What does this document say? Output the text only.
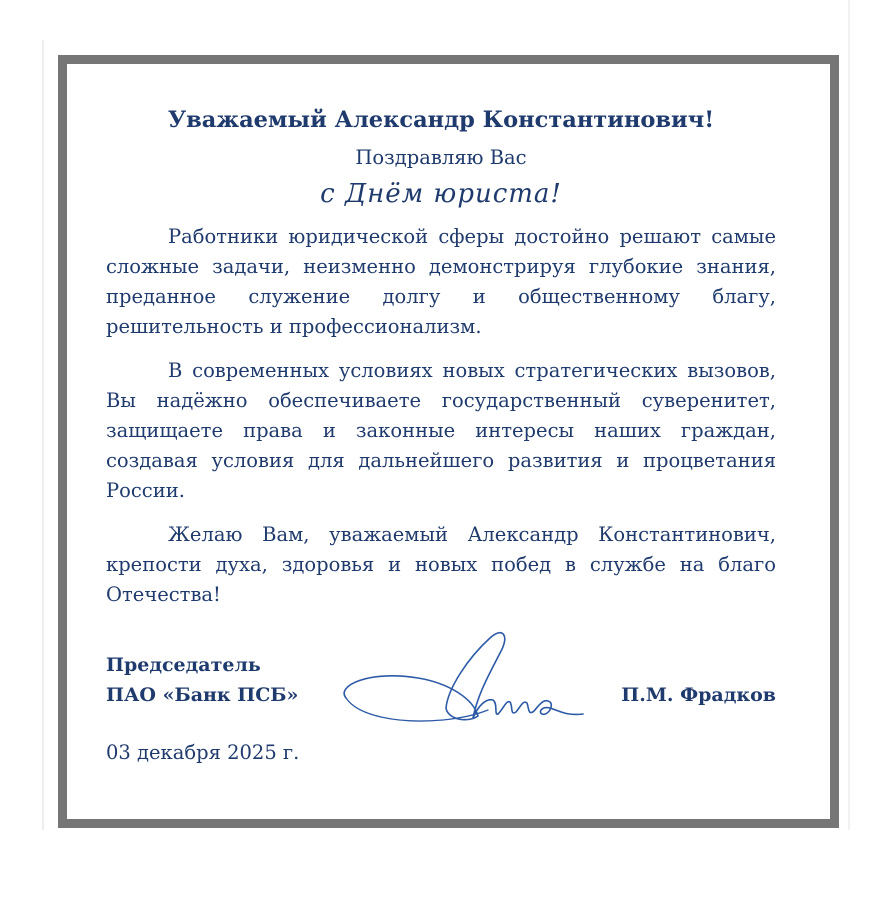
Уважаемый Александр Константинович!

Поздравляю Вас

с Днём юриста!

Работники юридической сферы достойно решают самые сложные задачи, неизменно демонстрируя глубокие знания, преданное служение долгу и общественному благу, решительность и профессионализм.

В современных условиях новых стратегических вызовов, Вы надёжно обеспечиваете государственный суверенитет, защищаете права и законные интересы наших граждан, создавая условия для дальнейшего развития и процветания России.

Желаю Вам, уважаемый Александр Константинович, крепости духа, здоровья и новых побед в службе на благо Отечества!

Председатель
ПАО «Банк ПСБ»	П.М. Фрадков
03 декабря 2025 г.
